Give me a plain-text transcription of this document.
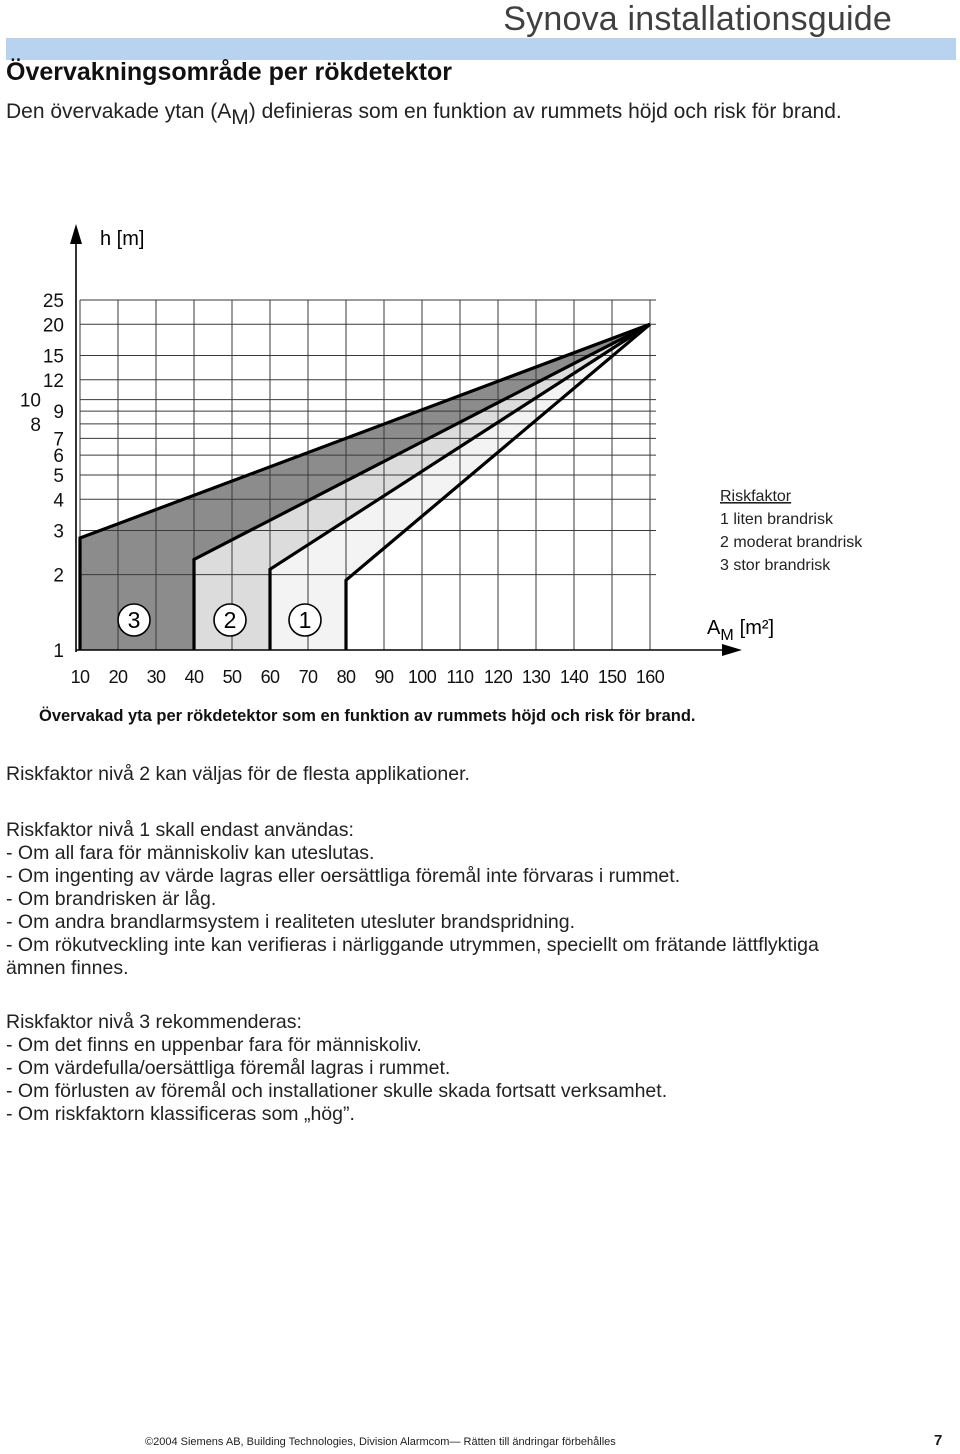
Synova installationsguide
Övervakningsområde per rökdetektor
Den övervakade ytan $(A_M)$ definieras som en funktion av rummets höjd och risk för brand.
1
2
3
4
5
6
7
8
9
10
12
15
20
25
10 20 30 40 50 60 70 80 90 100 110 120 130 140 150 160
3	2	1
h [m]
$A_M$ [m²]
Riskfaktor
1 liten brandrisk
2 moderat brandrisk
3 stor brandrisk
Övervakad yta per rökdetektor som en funktion av rummets höjd och risk för brand.
Riskfaktor nivå 2 kan väljas för de flesta applikationer.
Riskfaktor nivå 1 skall endast användas:
- Om all fara för människoliv kan uteslutas.
- Om ingenting av värde lagras eller oersättliga föremål inte förvaras i rummet.
- Om brandrisken är låg.
- Om andra brandlarmsystem i realiteten utesluter brandspridning.
- Om rökutveckling inte kan verifieras i närliggande utrymmen, speciellt om frätande lättflyktiga
ämnen finnes.
Riskfaktor nivå 3 rekommenderas:
- Om det finns en uppenbar fara för människoliv.
- Om värdefulla/oersättliga föremål lagras i rummet.
- Om förlusten av föremål och installationer skulle skada fortsatt verksamhet.
- Om riskfaktorn klassificeras som „hög”.
©2004 Siemens AB, Building Technologies, Division Alarmcom— Rätten till ändringar förbehålles	7
